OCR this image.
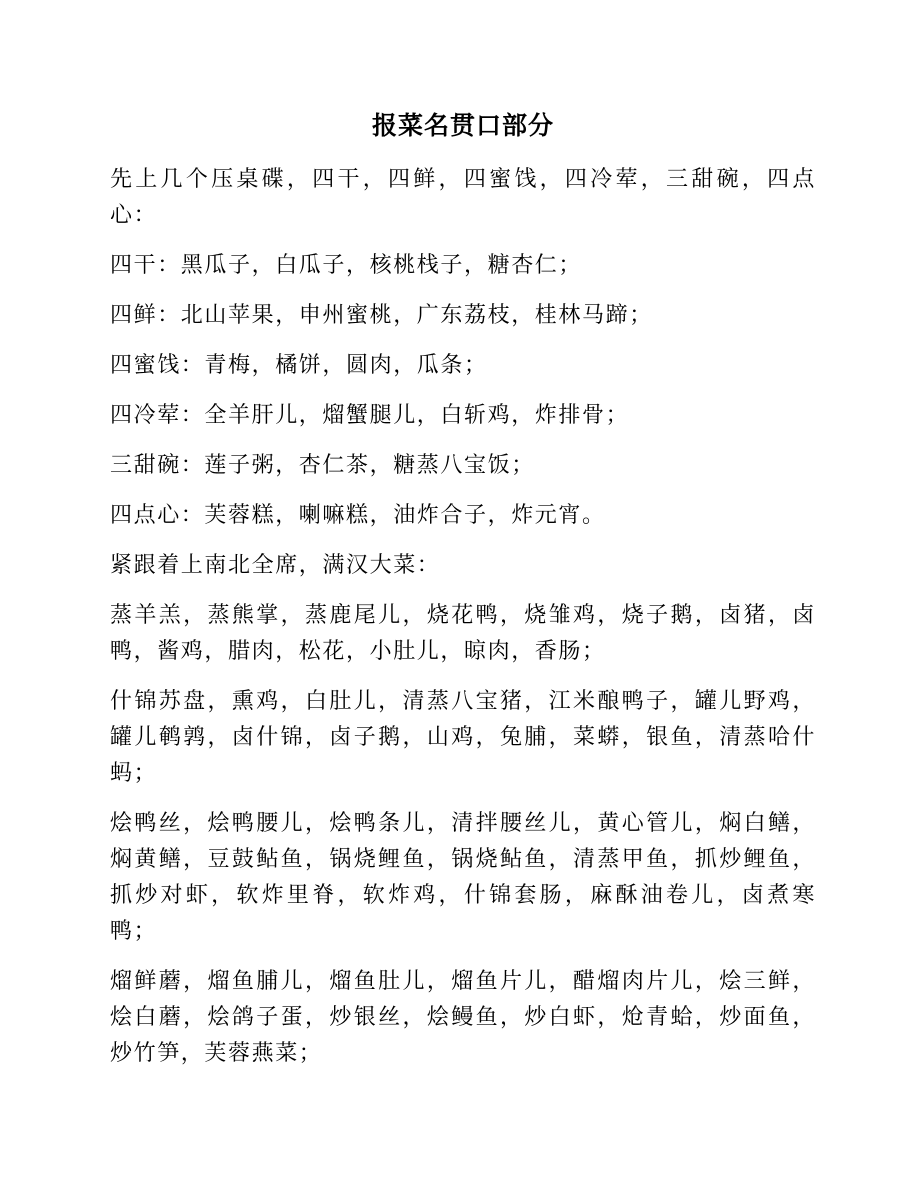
报菜名贯口部分

先上几个压桌碟，四干，四鲜，四蜜饯，四冷荤，三甜碗，四点心：

四干：黑瓜子，白瓜子，核桃栈子，糖杏仁；

四鲜：北山苹果，申州蜜桃，广东荔枝，桂林马蹄；

四蜜饯：青梅，橘饼，圆肉，瓜条；

四冷荤：全羊肝儿，熘蟹腿儿，白斩鸡，炸排骨；

三甜碗：莲子粥，杏仁茶，糖蒸八宝饭；

四点心：芙蓉糕，喇嘛糕，油炸合子，炸元宵。

紧跟着上南北全席，满汉大菜：

蒸羊羔，蒸熊掌，蒸鹿尾儿，烧花鸭，烧雏鸡，烧子鹅，卤猪，卤鸭，酱鸡，腊肉，松花，小肚儿，晾肉，香肠；

什锦苏盘，熏鸡，白肚儿，清蒸八宝猪，江米酿鸭子，罐儿野鸡，罐儿鹌鹑，卤什锦，卤子鹅，山鸡，兔脯，菜蟒，银鱼，清蒸哈什蚂；

烩鸭丝，烩鸭腰儿，烩鸭条儿，清拌腰丝儿，黄心管儿，焖白鳝，焖黄鳝，豆鼓鲇鱼，锅烧鲤鱼，锅烧鲇鱼，清蒸甲鱼，抓炒鲤鱼，抓炒对虾，软炸里脊，软炸鸡，什锦套肠，麻酥油卷儿，卤煮寒鸭；

熘鲜蘑，熘鱼脯儿，熘鱼肚儿，熘鱼片儿，醋熘肉片儿，烩三鲜，烩白蘑，烩鸽子蛋，炒银丝，烩鳗鱼，炒白虾，炝青蛤，炒面鱼，炒竹笋，芙蓉燕菜；
